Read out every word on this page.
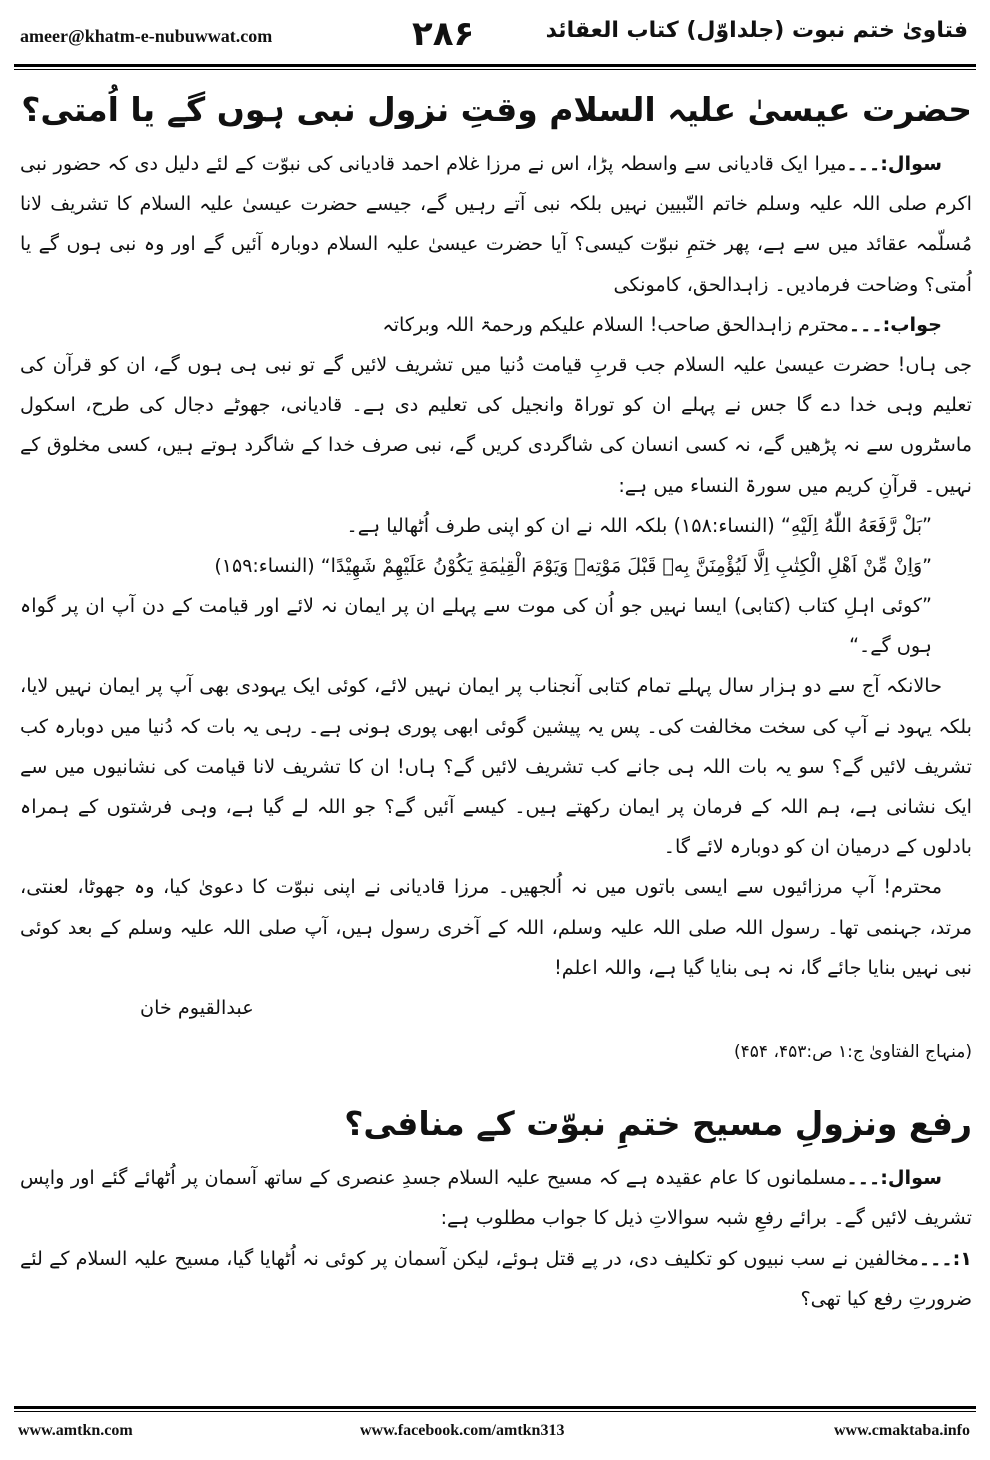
ameer@khatm-e-nubuwwat.com	۲۸۶	فتاویٰ ختم نبوت (جلداوّل) کتاب العقائد
حضرت عیسیٰ علیہ السلام وقتِ نزول نبی ہوں گے یا اُمتی؟

سوال:۔۔۔میرا ایک قادیانی سے واسطہ پڑا، اس نے مرزا غلام احمد قادیانی کی نبوّت کے لئے دلیل دی کہ حضور نبی اکرم صلی اللہ علیہ وسلم خاتم النّبیین نہیں بلکہ نبی آتے رہیں گے، جیسے حضرت عیسیٰ علیہ السلام کا تشریف لانا مُسلّمہ عقائد میں سے ہے، پھر ختمِ نبوّت کیسی؟ آیا حضرت عیسیٰ علیہ السلام دوبارہ آئیں گے اور وہ نبی ہوں گے یا اُمتی؟ وضاحت فرمادیں۔ زاہدالحق، کامونکی

جواب:۔۔۔محترم زاہدالحق صاحب! السلام علیکم ورحمۃ اللہ وبرکاتہ

جی ہاں! حضرت عیسیٰ علیہ السلام جب قربِ قیامت دُنیا میں تشریف لائیں گے تو نبی ہی ہوں گے، ان کو قرآن کی تعلیم وہی خدا دے گا جس نے پہلے ان کو توراۃ وانجیل کی تعلیم دی ہے۔ قادیانی، جھوٹے دجال کی طرح، اسکول ماسٹروں سے نہ پڑھیں گے، نہ کسی انسان کی شاگردی کریں گے، نبی صرف خدا کے شاگرد ہوتے ہیں، کسی مخلوق کے نہیں۔ قرآنِ کریم میں سورۃ النساء میں ہے:

”بَلْ رَّفَعَهُ اللّٰهُ اِلَيْهِ“ (النساء:۱۵۸) بلکہ اللہ نے ان کو اپنی طرف اُٹھالیا ہے۔

”وَاِنْ مِّنْ اَهْلِ الْكِتٰبِ اِلَّا لَيُؤْمِنَنَّ بِهٖ قَبْلَ مَوْتِهٖ وَيَوْمَ الْقِيٰمَةِ يَكُوْنُ عَلَيْهِمْ شَهِيْدًا“ (النساء:۱۵۹)

”کوئی اہلِ کتاب (کتابی) ایسا نہیں جو اُن کی موت سے پہلے ان پر ایمان نہ لائے اور قیامت کے دن آپ ان پر گواہ ہوں گے۔“

حالانکہ آج سے دو ہزار سال پہلے تمام کتابی آنجناب پر ایمان نہیں لائے، کوئی ایک یہودی بھی آپ پر ایمان نہیں لایا، بلکہ یہود نے آپ کی سخت مخالفت کی۔ پس یہ پیشین گوئی ابھی پوری ہونی ہے۔ رہی یہ بات کہ دُنیا میں دوبارہ کب تشریف لائیں گے؟ سو یہ بات اللہ ہی جانے کب تشریف لائیں گے؟ ہاں! ان کا تشریف لانا قیامت کی نشانیوں میں سے ایک نشانی ہے، ہم اللہ کے فرمان پر ایمان رکھتے ہیں۔ کیسے آئیں گے؟ جو اللہ لے گیا ہے، وہی فرشتوں کے ہمراہ بادلوں کے درمیان ان کو دوبارہ لائے گا۔

محترم! آپ مرزائیوں سے ایسی باتوں میں نہ اُلجھیں۔ مرزا قادیانی نے اپنی نبوّت کا دعویٰ کیا، وہ جھوٹا، لعنتی، مرتد، جہنمی تھا۔ رسول اللہ صلی اللہ علیہ وسلم، اللہ کے آخری رسول ہیں، آپ صلی اللہ علیہ وسلم کے بعد کوئی نبی نہیں بنایا جائے گا، نہ ہی بنایا گیا ہے، واللہ اعلم!

عبدالقیوم خان
(منہاج الفتاویٰ ج:۱ ص:۴۵۳، ۴۵۴)
رفع ونزولِ مسیح ختمِ نبوّت کے منافی؟

سوال:۔۔۔مسلمانوں کا عام عقیدہ ہے کہ مسیح علیہ السلام جسدِ عنصری کے ساتھ آسمان پر اُٹھائے گئے اور واپس تشریف لائیں گے۔ برائے رفعِ شبہ سوالاتِ ذیل کا جواب مطلوب ہے:

۱:۔۔۔مخالفین نے سب نبیوں کو تکلیف دی، در پے قتل ہوئے، لیکن آسمان پر کوئی نہ اُٹھایا گیا، مسیح علیہ السلام کے لئے ضرورتِ رفع کیا تھی؟

www.amtkn.com	www.facebook.com/amtkn313	www.cmaktaba.info
